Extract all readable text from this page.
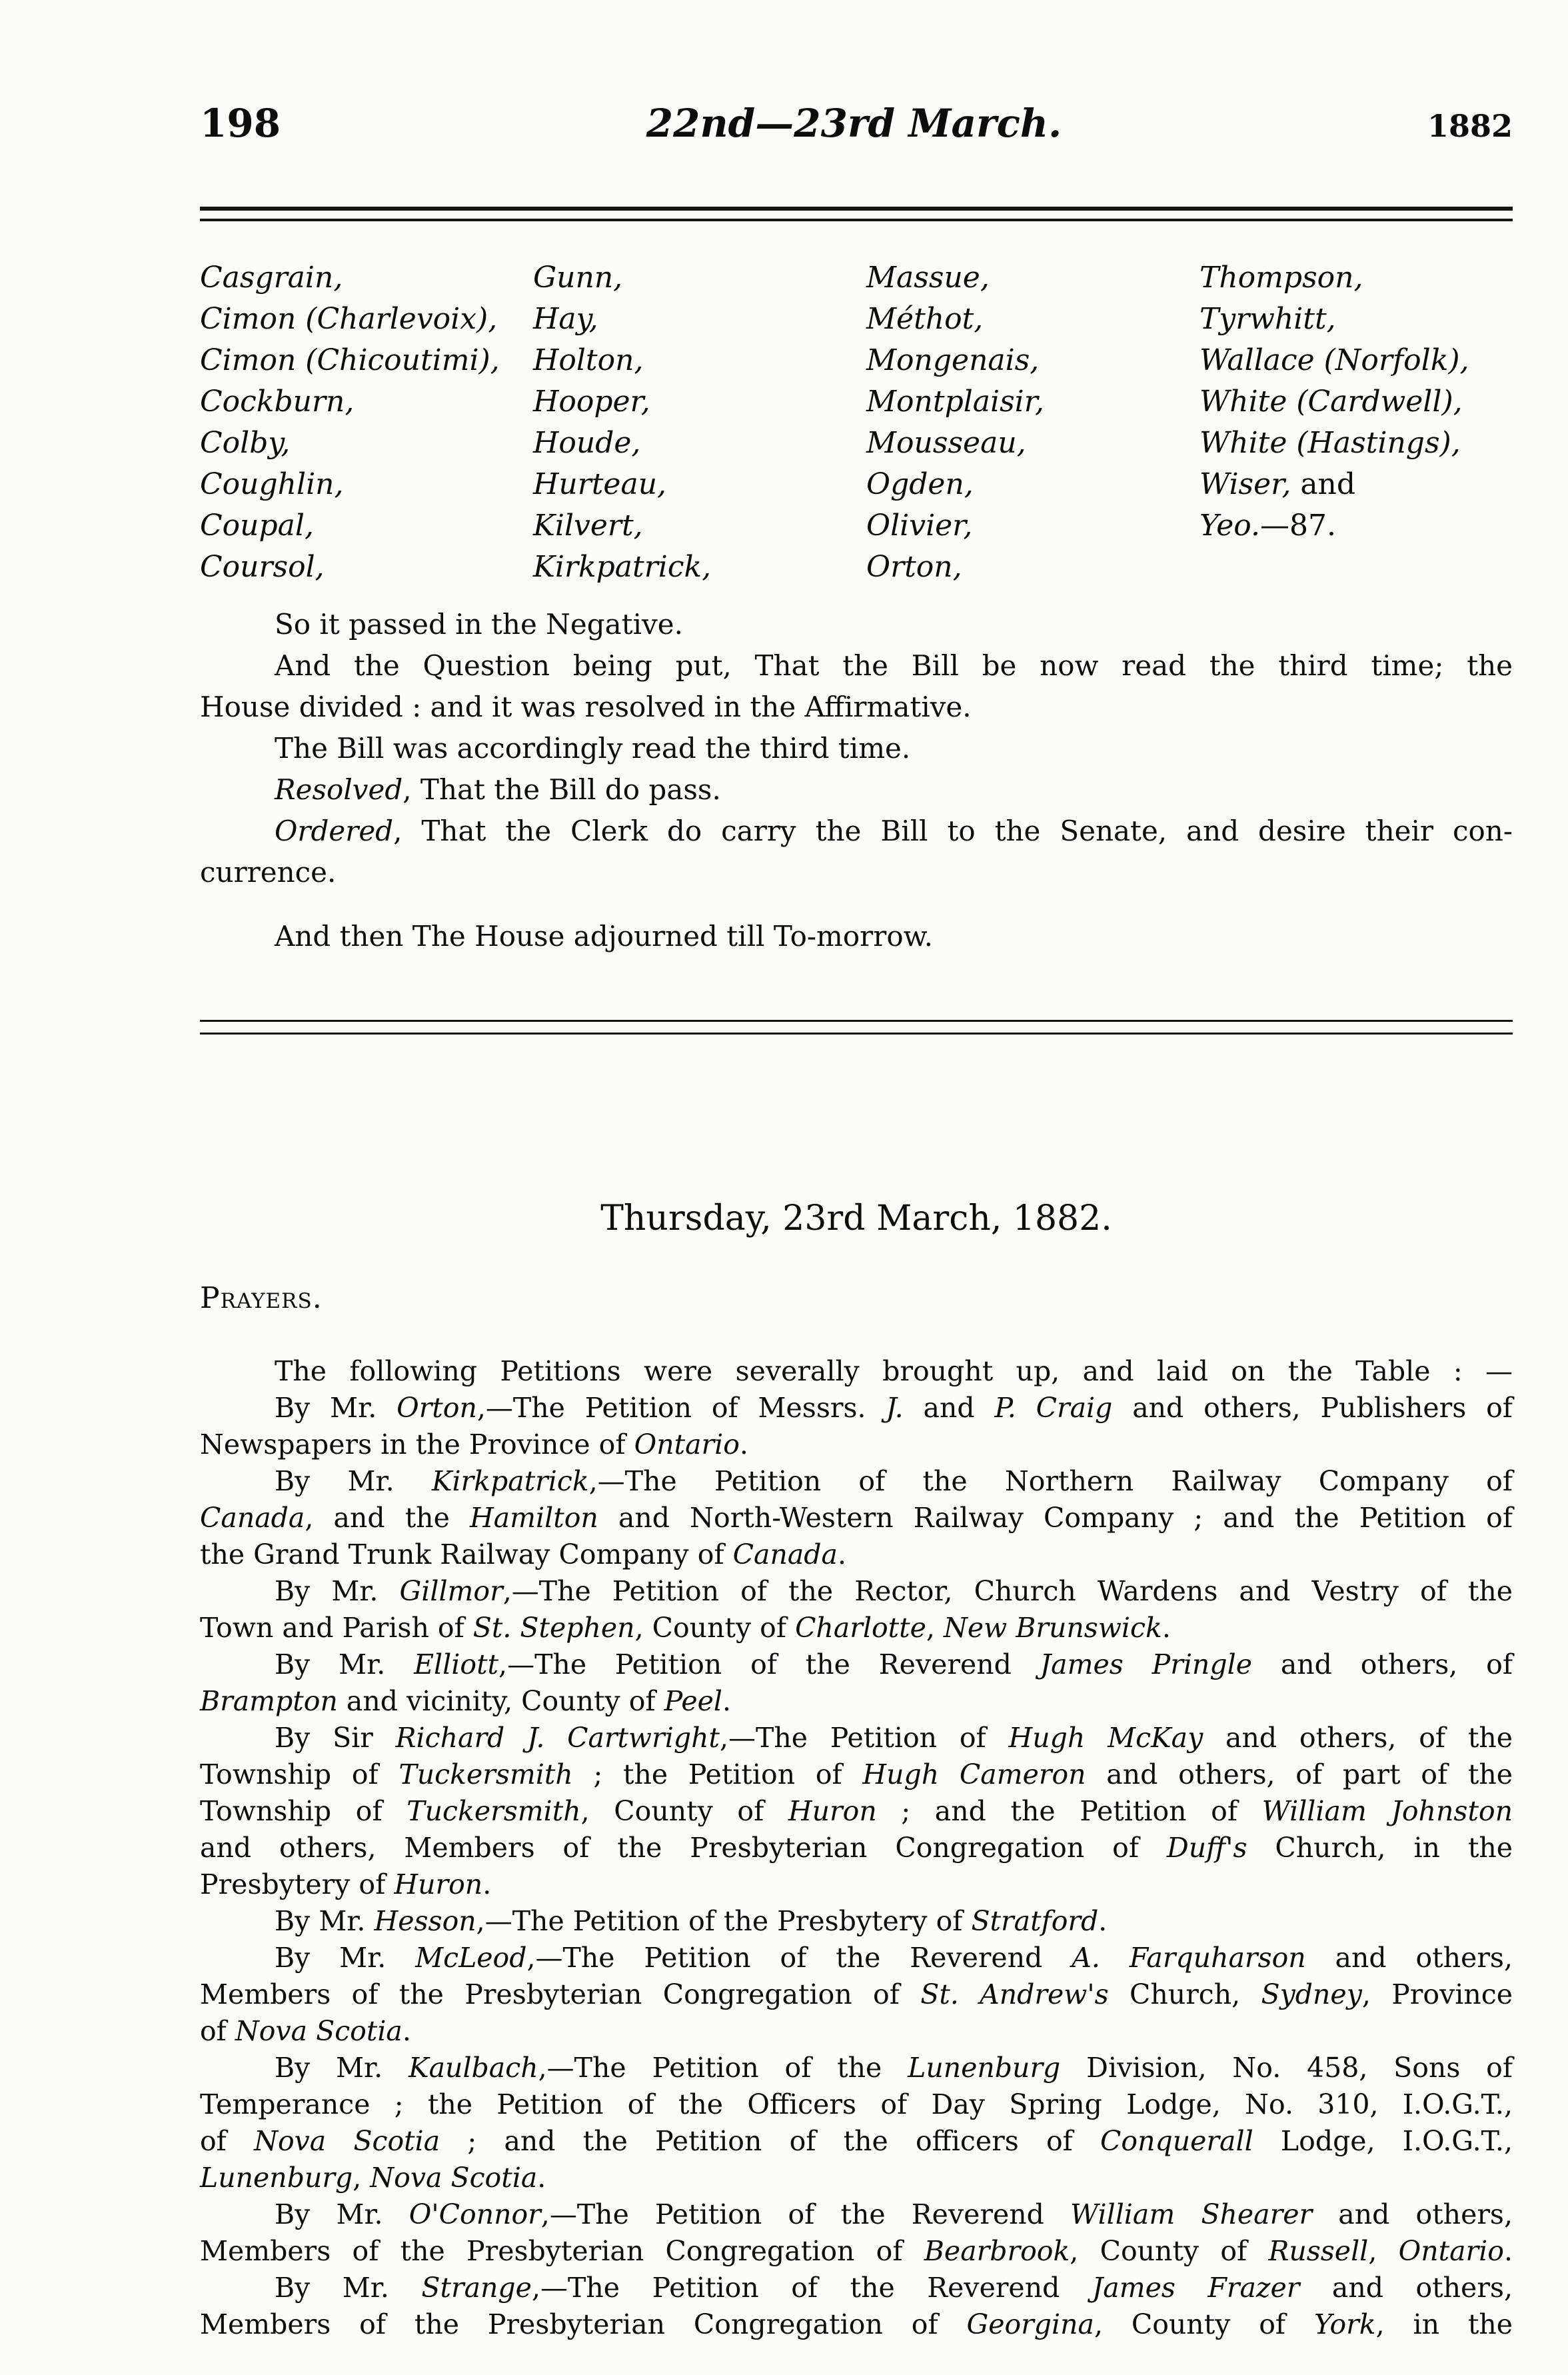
198	22nd—23rd March.	1882
Casgrain,
Cimon (Charlevoix),
Cimon (Chicoutimi),
Cockburn,
Colby,
Coughlin,
Coupal,
Coursol,
Gunn,
Hay,
Holton,
Hooper,
Houde,
Hurteau,
Kilvert,
Kirkpatrick,
Massue,
Méthot,
Mongenais,
Montplaisir,
Mousseau,
Ogden,
Olivier,
Orton,
Thompson,
Tyrwhitt,
Wallace (Norfolk),
White (Cardwell),
White (Hastings),
Wiser, and
Yeo.—87.
So it passed in the Negative.
And the Question being put, That the Bill be now read the third time; the
House divided : and it was resolved in the Affirmative.
The Bill was accordingly read the third time.
Resolved, That the Bill do pass.
Ordered, That the Clerk do carry the Bill to the Senate, and desire their con-
currence.
And then The House adjourned till To-morrow.
Thursday, 23rd March, 1882.
Prayers.
The following Petitions were severally brought up, and laid on the Table : —
By Mr. Orton,—The Petition of Messrs. J. and P. Craig and others, Publishers of
Newspapers in the Province of Ontario.
By Mr. Kirkpatrick,—The Petition of the Northern Railway Company of
Canada, and the Hamilton and North-Western Railway Company ; and the Petition of
the Grand Trunk Railway Company of Canada.
By Mr. Gillmor,—The Petition of the Rector, Church Wardens and Vestry of the
Town and Parish of St. Stephen, County of Charlotte, New Brunswick.
By Mr. Elliott,—The Petition of the Reverend James Pringle and others, of
Brampton and vicinity, County of Peel.
By Sir Richard J. Cartwright,—The Petition of Hugh McKay and others, of the
Township of Tuckersmith ; the Petition of Hugh Cameron and others, of part of the
Township of Tuckersmith, County of Huron ; and the Petition of William Johnston
and others, Members of the Presbyterian Congregation of Duff's Church, in the
Presbytery of Huron.
By Mr. Hesson,—The Petition of the Presbytery of Stratford.
By Mr. McLeod,—The Petition of the Reverend A. Farquharson and others,
Members of the Presbyterian Congregation of St. Andrew's Church, Sydney, Province
of Nova Scotia.
By Mr. Kaulbach,—The Petition of the Lunenburg Division, No. 458, Sons of
Temperance ; the Petition of the Officers of Day Spring Lodge, No. 310, I.O.G.T.,
of Nova Scotia ; and the Petition of the officers of Conquerall Lodge, I.O.G.T.,
Lunenburg, Nova Scotia.
By Mr. O'Connor,—The Petition of the Reverend William Shearer and others,
Members of the Presbyterian Congregation of Bearbrook, County of Russell, Ontario.
By Mr. Strange,—The Petition of the Reverend James Frazer and others,
Members of the Presbyterian Congregation of Georgina, County of York, in the
